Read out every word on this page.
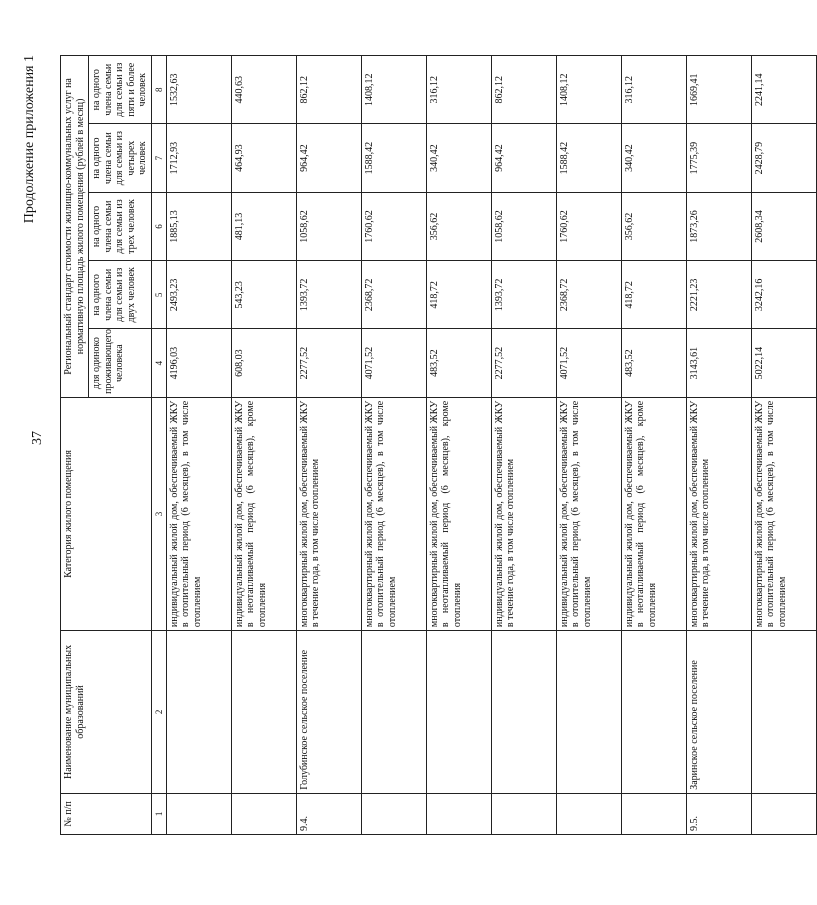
37
Продолжение приложения 1
№ п/п	Наименование муниципальных образований	Категория жилого помещения	Региональный стандарт стоимости жилищно-коммунальных услуг на нормативную площадь жилого помещения (рублей в месяц)				
			для одиноко проживающего человека	на одного члена семьи для семьи из двух человек	на одного члена семьи для семьи из трех человек	на одного члена семьи для семьи из четырех человек	на одного члена семьи для семьи из пяти и более человек
1	2	3	4	5	6	7	8
		индивидуальный жилой дом, обеспечиваемый ЖКУ в отопительный период (6 месяцев), в том числе отоплением	4196,03	2493,23	1885,13	1712,93	1532,63
		индивидуальный жилой дом, обеспечиваемый ЖКУ в неотапливаемый период (6 месяцев), кроме отопления	608,03	543,23	481,13	464,93	440,63
9.4.	Голубинское сельское поселение	многоквартирный жилой дом, обеспечиваемый ЖКУ в течение года, в том числе отоплением	2277,52	1393,72	1058,62	964,42	862,12
		многоквартирный жилой дом, обеспечиваемый ЖКУ в отопительный период (6 месяцев), в том числе отоплением	4071,52	2368,72	1760,62	1588,42	1408,12
		многоквартирный жилой дом, обеспечиваемый ЖКУ в неотапливаемый период (6 месяцев), кроме отопления	483,52	418,72	356,62	340,42	316,12
		индивидуальный жилой дом, обеспечиваемый ЖКУ в течение года, в том числе отоплением	2277,52	1393,72	1058,62	964,42	862,12
		индивидуальный жилой дом, обеспечиваемый ЖКУ в отопительный период (6 месяцев), в том числе отоплением	4071,52	2368,72	1760,62	1588,42	1408,12
		индивидуальный жилой дом, обеспечиваемый ЖКУ в неотапливаемый период (6 месяцев), кроме отопления	483,52	418,72	356,62	340,42	316,12
9.5.	Заринское сельское поселение	многоквартирный жилой дом, обеспечиваемый ЖКУ в течение года, в том числе отоплением	3143,61	2221,23	1873,26	1775,39	1669,41
		многоквартирный жилой дом, обеспечиваемый ЖКУ в отопительный период (6 месяцев), в том числе отоплением	5022,14	3242,16	2608,34	2428,79	2241,14
